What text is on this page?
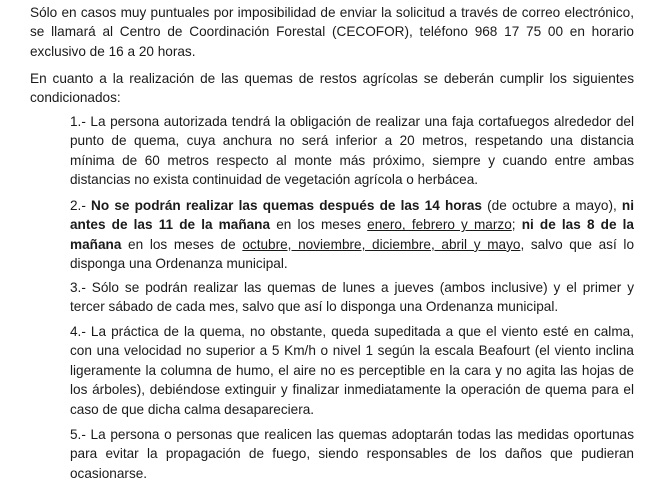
Sólo en casos muy puntuales por imposibilidad de enviar la solicitud a través de correo electrónico, se llamará al Centro de Coordinación Forestal (CECOFOR), teléfono 968 17 75 00 en horario exclusivo de 16 a 20 horas.

En cuanto a la realización de las quemas de restos agrícolas se deberán cumplir los siguientes condicionados:

1.- La persona autorizada tendrá la obligación de realizar una faja cortafuegos alrededor del punto de quema, cuya anchura no será inferior a 20 metros, respetando una distancia mínima de 60 metros respecto al monte más próximo, siempre y cuando entre ambas distancias no exista continuidad de vegetación agrícola o herbácea.

2.- No se podrán realizar las quemas después de las 14 horas (de octubre a mayo), ni antes de las 11 de la mañana en los meses enero, febrero y marzo; ni de las 8 de la mañana en los meses de octubre, noviembre, diciembre, abril y mayo, salvo que así lo disponga una Ordenanza municipal.

3.- Sólo se podrán realizar las quemas de lunes a jueves (ambos inclusive) y el primer y tercer sábado de cada mes, salvo que así lo disponga una Ordenanza municipal.

4.- La práctica de la quema, no obstante, queda supeditada a que el viento esté en calma, con una velocidad no superior a 5 Km/h o nivel 1 según la escala Beafourt (el viento inclina ligeramente la columna de humo, el aire no es perceptible en la cara y no agita las hojas de los árboles), debiéndose extinguir y finalizar inmediatamente la operación de quema para el caso de que dicha calma desapareciera.

5.- La persona o personas que realicen las quemas adoptarán todas las medidas oportunas para evitar la propagación de fuego, siendo responsables de los daños que pudieran ocasionarse.
